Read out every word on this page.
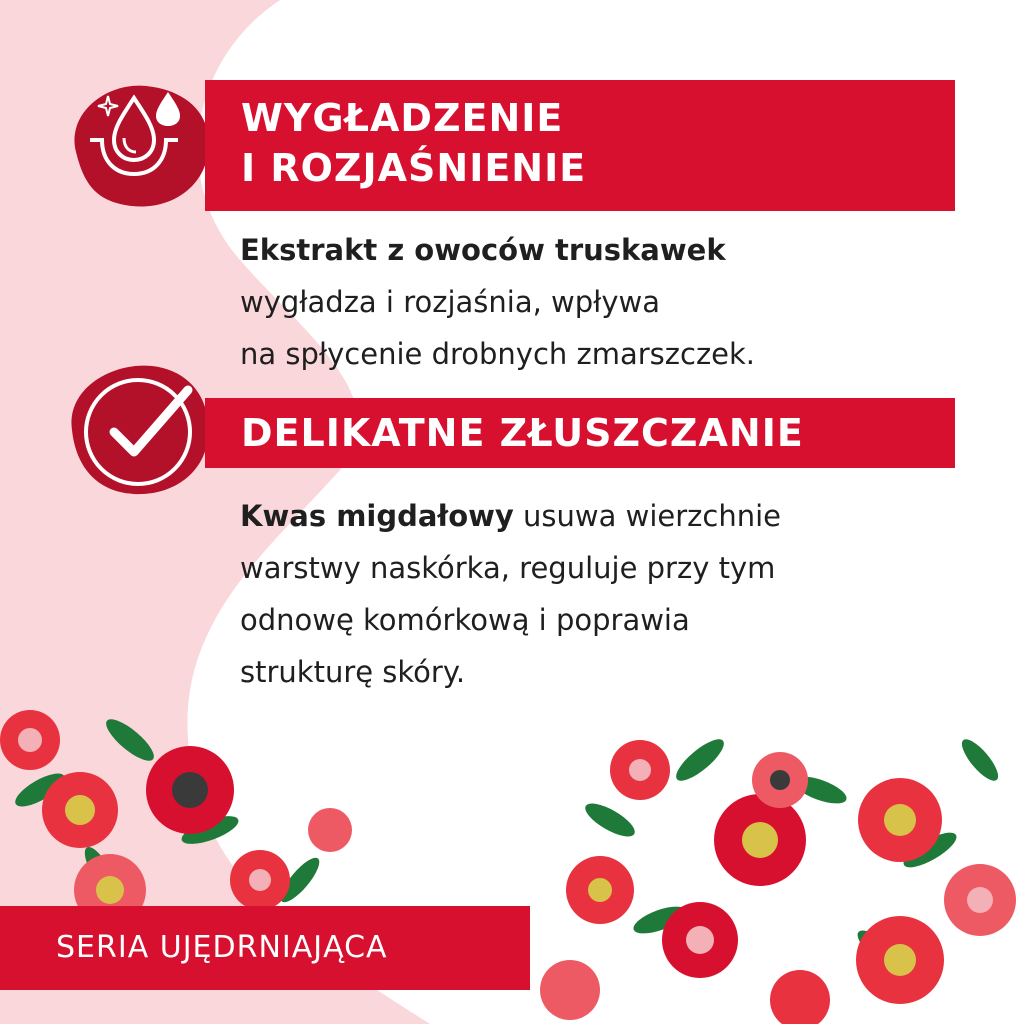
WYGŁADZENIE
I ROZJAŚNIENIE
Ekstrakt z owoców truskawek
wygładza i rozjaśnia, wpływa
na spłycenie drobnych zmarszczek.
DELIKATNE ZŁUSZCZANIE
Kwas migdałowy usuwa wierzchnie
warstwy naskórka, reguluje przy tym
odnowę komórkową i poprawia
strukturę skóry.
SERIA UJĘDRNIAJĄCA
